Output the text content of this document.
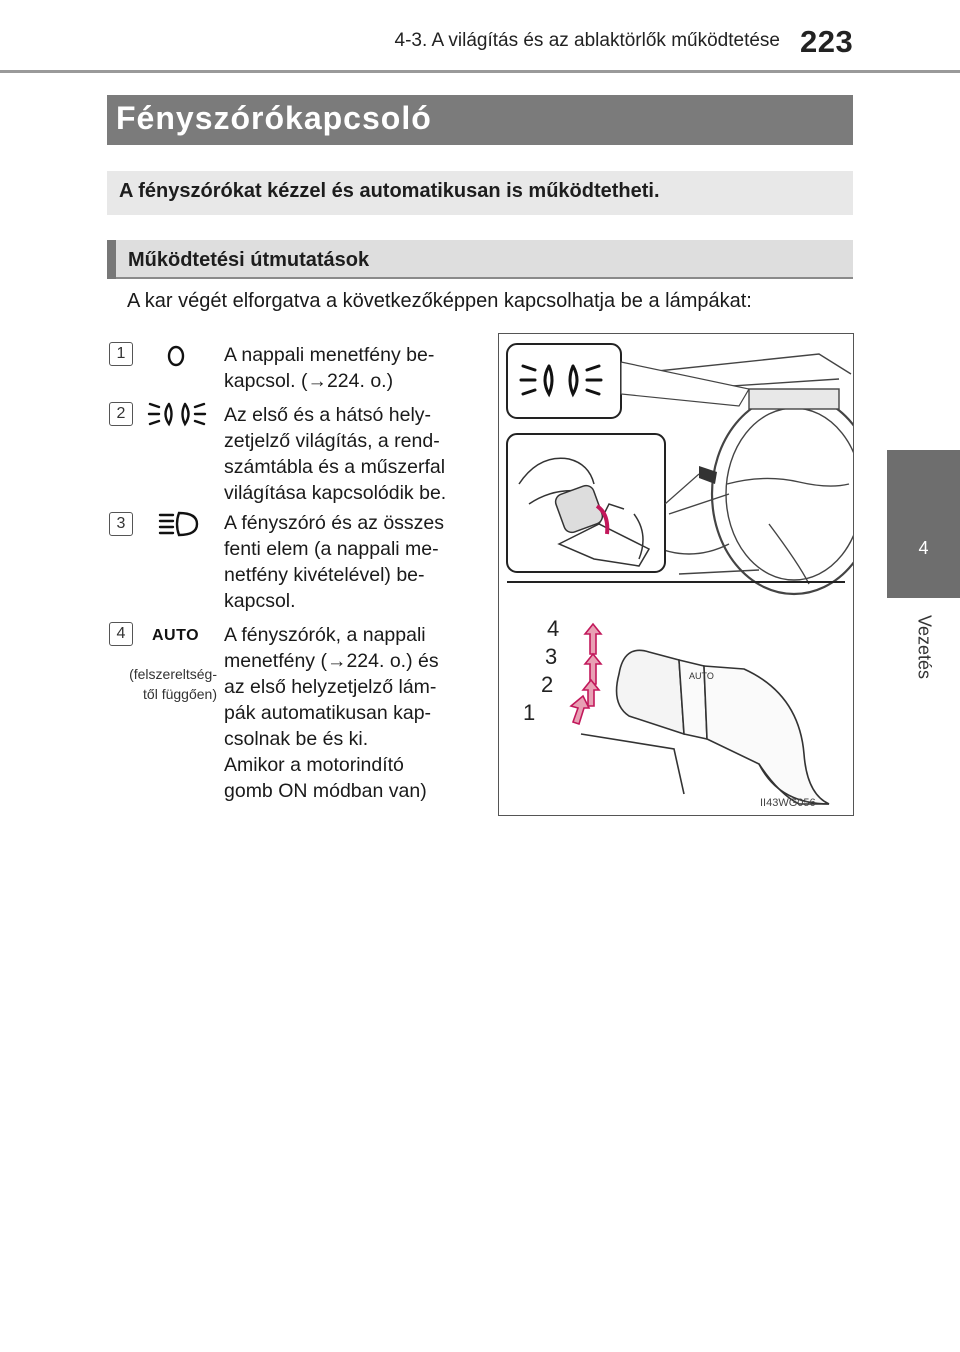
4-3. A világítás és az ablaktörlők működtetése 223
4
Vezetés
Fényszórókapcsoló
A fényszórókat kézzel és automatikusan is működtetheti.
Működtetési útmutatások
A kar végét elforgatva a következőképpen kapcsolhatja be a lámpákat:
1	A nappali menetfény be-
kapcsol. (→224. o.)
2	Az első és a hátsó hely-
zetjelző világítás, a rend-
számtábla és a műszerfal
világítása kapcsolódik be.
3	A fényszóró és az összes
fenti elem (a nappali me-
netfény kivételével) be-
kapcsol.
4	AUTO
(felszereltség-
től függően)
A fényszórók, a nappali
menetfény (→224. o.) és
az első helyzetjelző lám-
pák automatikusan kap-
csolnak be és ki.
Amikor a motorindító
gomb ON módban van)
AUTO
4
3
2
1
II43WG056
